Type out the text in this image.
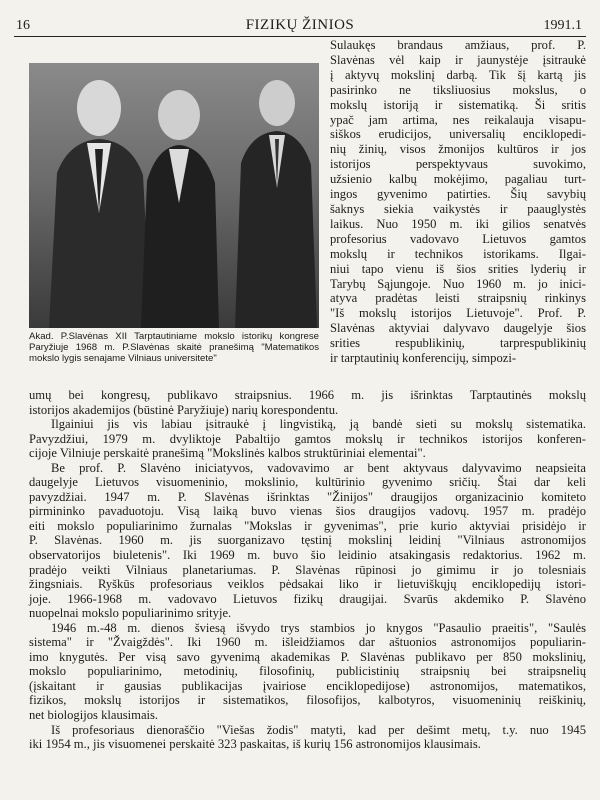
16	FIZIKŲ ŽINIOS	1991.1
Akad. P.Slavėnas XII Tarptautiniame mokslo istorikų kongrese Paryžiuje 1968 m. P.Slavėnas skaitė pranešimą "Matematikos mokslo lygis senajame Vilniaus universitete"
Sulaukęs brandaus amžiaus, prof. P.
Slavėnas vėl kaip ir jaunystėje įsitraukė
į aktyvų mokslinį darbą. Tik šį kartą jis
pasirinko ne tiksliuosius mokslus, o
mokslų istoriją ir sistematiką. Ši sritis
ypač jam artima, nes reikalauja visapu-
siškos erudicijos, universalių enciklopedi-
nių žinių, visos žmonijos kultūros ir jos
istorijos perspektyvaus suvokimo,
užsienio kalbų mokėjimo, pagaliau turt-
ingos gyvenimo patirties. Šių savybių
šaknys siekia vaikystės ir paauglystės
laikus. Nuo 1950 m. iki gilios senatvės
profesorius vadovavo Lietuvos gamtos
mokslų ir technikos istorikams. Ilgai-
niui tapo vienu iš šios srities lyderių ir
Tarybų Sąjungoje. Nuo 1960 m. jo inici-
atyva pradėtas leisti straipsnių rinkinys
"Iš mokslų istorijos Lietuvoje". Prof. P.
Slavėnas aktyviai dalyvavo daugelyje šios
srities respublikinių, tarprespublikinių
ir tarptautinių konferencijų, simpozi-
umų bei kongresų, publikavo straipsnius. 1966 m. jis išrinktas Tarptautinės mokslų
istorijos akademijos (būstinė Paryžiuje) narių korespondentu.
Ilgainiui jis vis labiau įsitraukė į lingvistiką, ją bandė sieti su mokslų sistematika.
Pavyzdžiui, 1979 m. dvyliktoje Pabaltijo gamtos mokslų ir technikos istorijos konferen-
cijoje Vilniuje perskaitė pranešimą "Mokslinės kalbos struktūriniai elementai".
Be prof. P. Slavėno iniciatyvos, vadovavimo ar bent aktyvaus dalyvavimo neapsieita
daugelyje Lietuvos visuomeninio, mokslinio, kultūrinio gyvenimo sričių. Štai dar keli
pavyzdžiai. 1947 m. P. Slavėnas išrinktas "Žinijos" draugijos organizacinio komiteto
pirmininko pavaduotoju. Visą laiką buvo vienas šios draugijos vadovų. 1957 m. pradėjo
eiti mokslo populiarinimo žurnalas "Mokslas ir gyvenimas", prie kurio aktyviai prisidėjo ir
P. Slavėnas. 1960 m. jis suorganizavo tęstinį mokslinį leidinį "Vilniaus astronomijos
observatorijos biuletenis". Iki 1969 m. buvo šio leidinio atsakingasis redaktorius. 1962 m.
pradėjo veikti Vilniaus planetariumas. P. Slavėnas rūpinosi jo gimimu ir jo tolesniais
žingsniais. Ryškūs profesoriaus veiklos pėdsakai liko ir lietuviškųjų enciklopedijų istori-
joje. 1966-1968 m. vadovavo Lietuvos fizikų draugijai. Svarūs akdemiko P. Slavėno
nuopelnai mokslo populiarinimo srityje.
1946 m.-48 m. dienos šviesą išvydo trys stambios jo knygos "Pasaulio praeitis", "Saulės
sistema" ir "Žvaigždės". Iki 1960 m. išleidžiamos dar aštuonios astronomijos populiarin-
imo knygutės. Per visą savo gyvenimą akademikas P. Slavėnas publikavo per 850 mokslinių,
mokslo populiarinimo, metodinių, filosofinių, publicistinių straipsnių bei straipsnelių
(įskaitant ir gausias publikacijas įvairiose enciklopedijose) astronomijos, matematikos,
fizikos, mokslų istorijos ir sistematikos, filosofijos, kalbotyros, visuomeninių reiškinių,
net biologijos klausimais.
Iš profesoriaus dienoraščio "Viešas žodis" matyti, kad per dešimt metų, t.y. nuo 1945
iki 1954 m., jis visuomenei perskaitė 323 paskaitas, iš kurių 156 astronomijos klausimais.
